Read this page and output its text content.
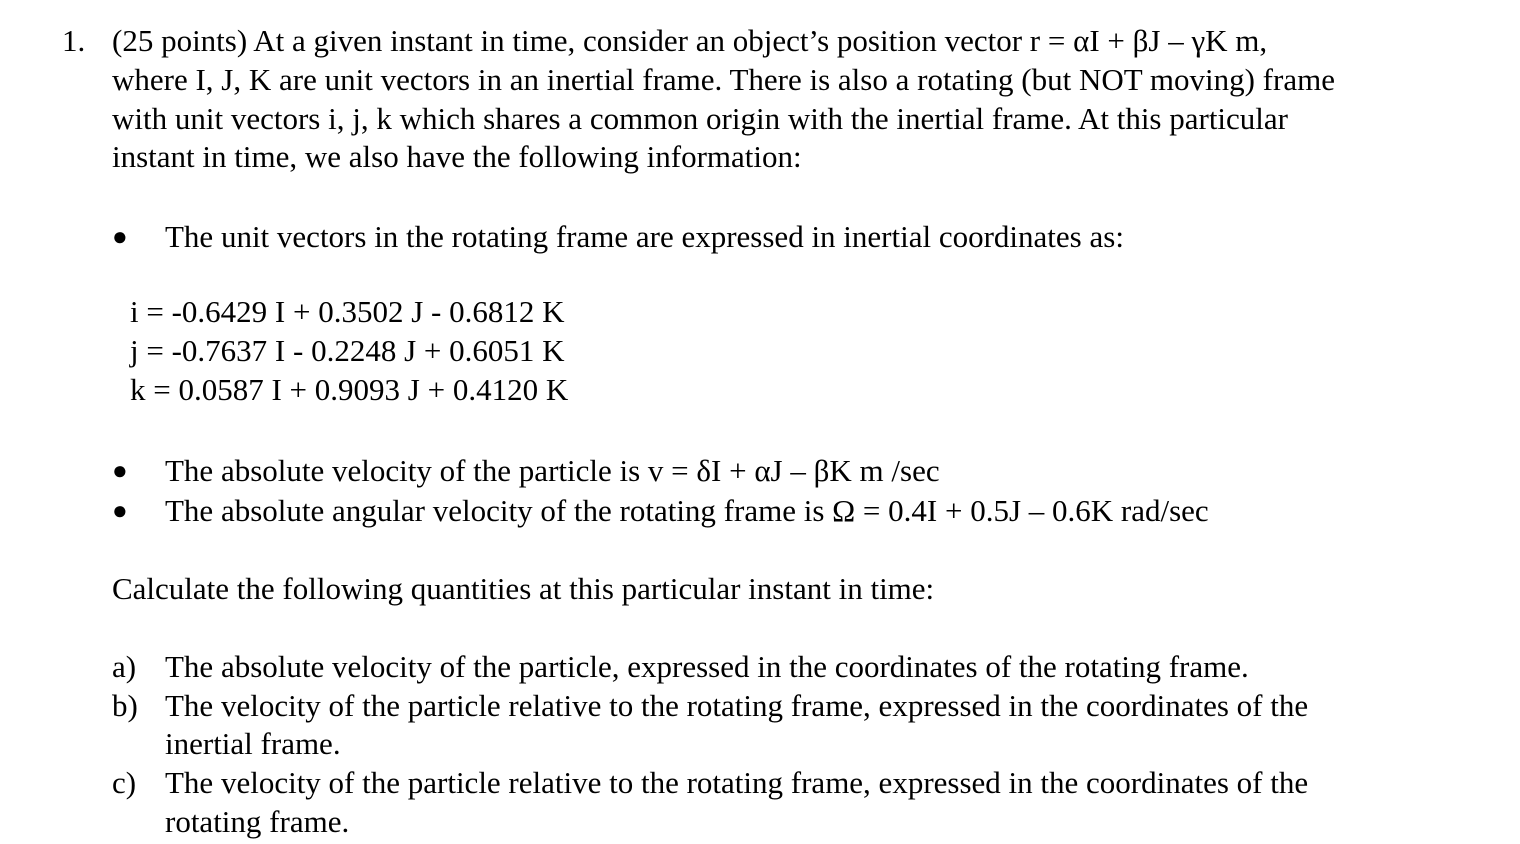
1. (25 points) At a given instant in time, consider an object’s position vector r = αI + βJ – γK m,
where I, J, K are unit vectors in an inertial frame. There is also a rotating (but NOT moving) frame
with unit vectors i, j, k which shares a common origin with the inertial frame. At this particular
instant in time, we also have the following information:
● The unit vectors in the rotating frame are expressed in inertial coordinates as:
i = -0.6429 I + 0.3502 J - 0.6812 K
j = -0.7637 I - 0.2248 J + 0.6051 K
k = 0.0587 I + 0.9093 J + 0.4120 K
● The absolute velocity of the particle is v = δI + αJ – βK m /sec
● The absolute angular velocity of the rotating frame is Ω = 0.4I + 0.5J – 0.6K rad/sec
Calculate the following quantities at this particular instant in time:
a) The absolute velocity of the particle, expressed in the coordinates of the rotating frame.
b) The velocity of the particle relative to the rotating frame, expressed in the coordinates of the
inertial frame.
c) The velocity of the particle relative to the rotating frame, expressed in the coordinates of the
rotating frame.
